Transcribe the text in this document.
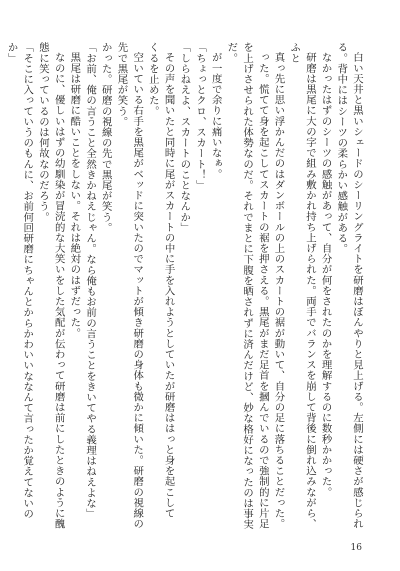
白い天井と黒いシェードのシーリングライトを研磨はぼんやりと見上げる。左側には硬さが感じられる。背中にはシーツの柔らかい感触がある。

なかったはずのシーツの感触があって、自分が何をされたのかを理解するのに数秒かかった。

研磨は黒尾に大の字で組み敷かれ持ち上げられた。両手でバランスを崩して背後に倒れ込みながら、ふと

真っ先に思い浮かんだのはダンボールの上のスカートの裾が動いて、自分の足に落ちることだった。

った。慌てて身を起こしてスカートの裾を押さえる。黒尾がまだ足首を摑んでいるので強制的に片足を上げさせられた体勢なのだ。それでまとに下腹を晒されずに済んだけど、妙な格好になったのは事実だ。

が一度で余りに痛いなぁ。

「ちょっとクロ、スカート！」

「しらねえよ、スカートのことなんか」

その声を聞いたと同時に尾がスカートの中に手を入れようとしていたが研磨ははっと身を起こして

くるを止めた。

空いている右手を黒尾がベッドに突いたのでマットが傾き研磨の身体も微かに傾いた。研磨の視線の先で黒尾が笑う。

かった。研磨の視線の先で黒尾が笑う。

「お前、俺の言うこと全然きかねえじゃん。なら俺もお前の言うことをきいてやる義理はねえよな」

黒尾は研磨に酷いことをしない。それは絶対のはずだった。

なのに、優しいはずの幼馴染が冒涜的な大笑いをした気配が伝わって研磨は前にしたときのように醜態に笑っているのは何故なのだろう。

「そこに入っていうのもんに、お前何回研磨にちゃんとからかわいいななんて言ったか覚えてないのか」

16
